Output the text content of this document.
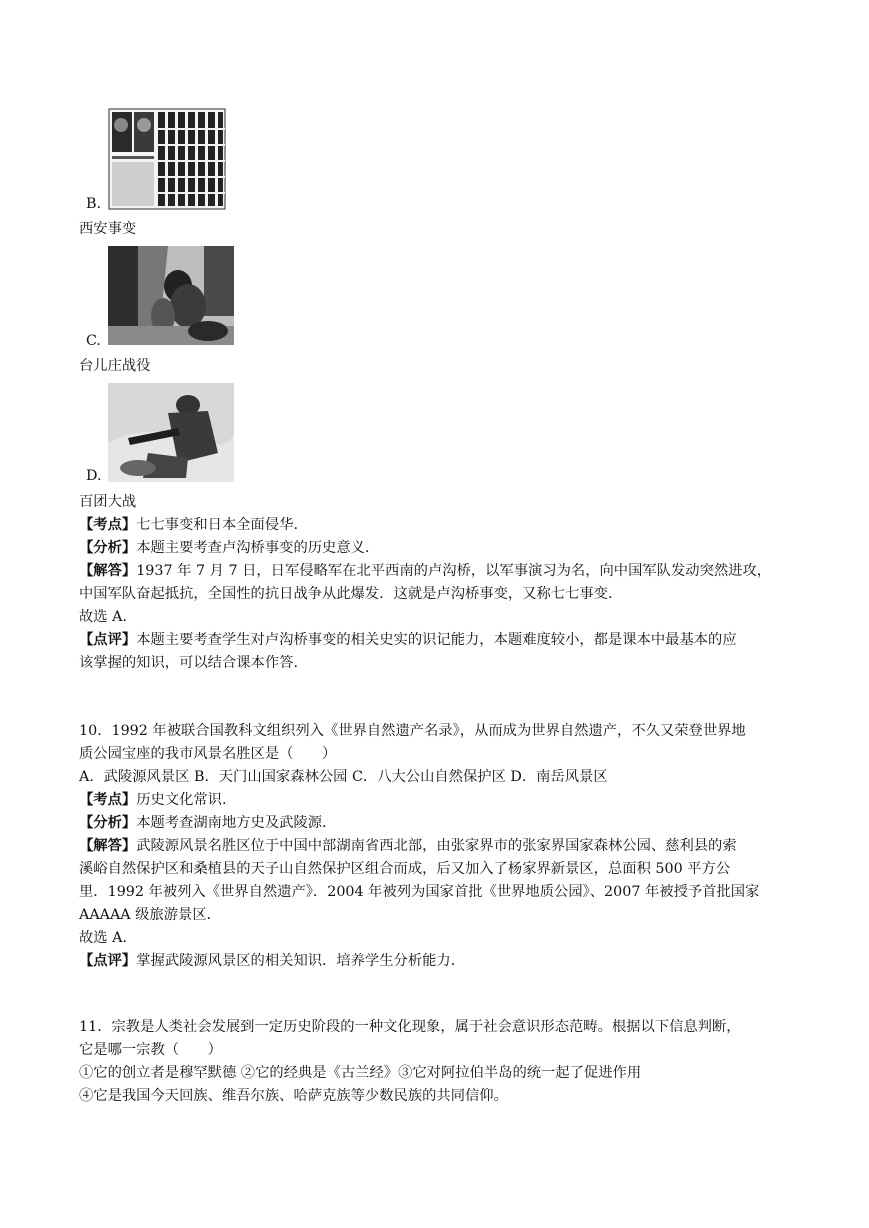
B.
西安事变
C.
台儿庄战役
D.
百团大战
【考点】七七事变和日本全面侵华.
【分析】本题主要考查卢沟桥事变的历史意义.
【解答】1937 年 7 月 7 日，日军侵略军在北平西南的卢沟桥，以军事演习为名，向中国军队发动突然进攻，
中国军队奋起抵抗，全国性的抗日战争从此爆发．这就是卢沟桥事变，又称七七事变．
故选 A．
【点评】本题主要考查学生对卢沟桥事变的相关史实的识记能力，本题难度较小，都是课本中最基本的应
该掌握的知识，可以结合课本作答．
10．1992 年被联合国教科文组织列入《世界自然遗产名录》，从而成为世界自然遗产，不久又荣登世界地
质公园宝座的我市风景名胜区是（　　）
A．武陵源风景区 B．天门山国家森林公园 C．八大公山自然保护区 D．南岳风景区
【考点】历史文化常识.
【分析】本题考查湖南地方史及武陵源.
【解答】武陵源风景名胜区位于中国中部湖南省西北部，由张家界市的张家界国家森林公园、慈利县的索
溪峪自然保护区和桑植县的天子山自然保护区组合而成，后又加入了杨家界新景区，总面积 500 平方公
里．1992 年被列入《世界自然遗产》．2004 年被列为国家首批《世界地质公园》、2007 年被授予首批国家
AAAAA 级旅游景区．
故选 A．
【点评】掌握武陵源风景区的相关知识．培养学生分析能力．
11．宗教是人类社会发展到一定历史阶段的一种文化现象，属于社会意识形态范畴。根据以下信息判断，
它是哪一宗教（　　）
①它的创立者是穆罕默德 ②它的经典是《古兰经》③它对阿拉伯半岛的统一起了促进作用
④它是我国今天回族、维吾尔族、哈萨克族等少数民族的共同信仰。
